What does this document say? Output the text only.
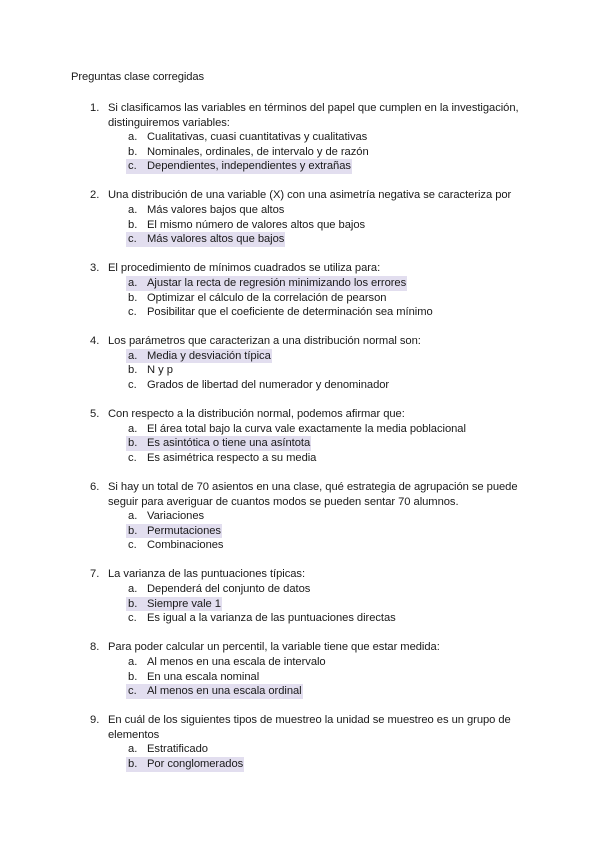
Preguntas clase corregidas
1. Si clasificamos las variables en términos del papel que cumplen en la investigación,
distinguiremos variables:
a. Cualitativas, cuasi cuantitativas y cualitativas
b. Nominales, ordinales, de intervalo y de razón
c. Dependientes, independientes y extrañas
2. Una distribución de una variable (X) con una asimetría negativa se caracteriza por
a. Más valores bajos que altos
b. El mismo número de valores altos que bajos
c. Más valores altos que bajos
3. El procedimiento de mínimos cuadrados se utiliza para:
a. Ajustar la recta de regresión minimizando los errores
b. Optimizar el cálculo de la correlación de pearson
c. Posibilitar que el coeficiente de determinación sea mínimo
4. Los parámetros que caracterizan a una distribución normal son:
a. Media y desviación típica
b. N y p
c. Grados de libertad del numerador y denominador
5. Con respecto a la distribución normal, podemos afirmar que:
a. El área total bajo la curva vale exactamente la media poblacional
b. Es asintótica o tiene una asíntota
c. Es asimétrica respecto a su media
6. Si hay un total de 70 asientos en una clase, qué estrategia de agrupación se puede
seguir para averiguar de cuantos modos se pueden sentar 70 alumnos.
a. Variaciones
b. Permutaciones
c. Combinaciones
7. La varianza de las puntuaciones típicas:
a. Dependerá del conjunto de datos
b. Siempre vale 1
c. Es igual a la varianza de las puntuaciones directas
8. Para poder calcular un percentil, la variable tiene que estar medida:
a. Al menos en una escala de intervalo
b. En una escala nominal
c. Al menos en una escala ordinal
9. En cuál de los siguientes tipos de muestreo la unidad se muestreo es un grupo de
elementos
a. Estratificado
b. Por conglomerados
